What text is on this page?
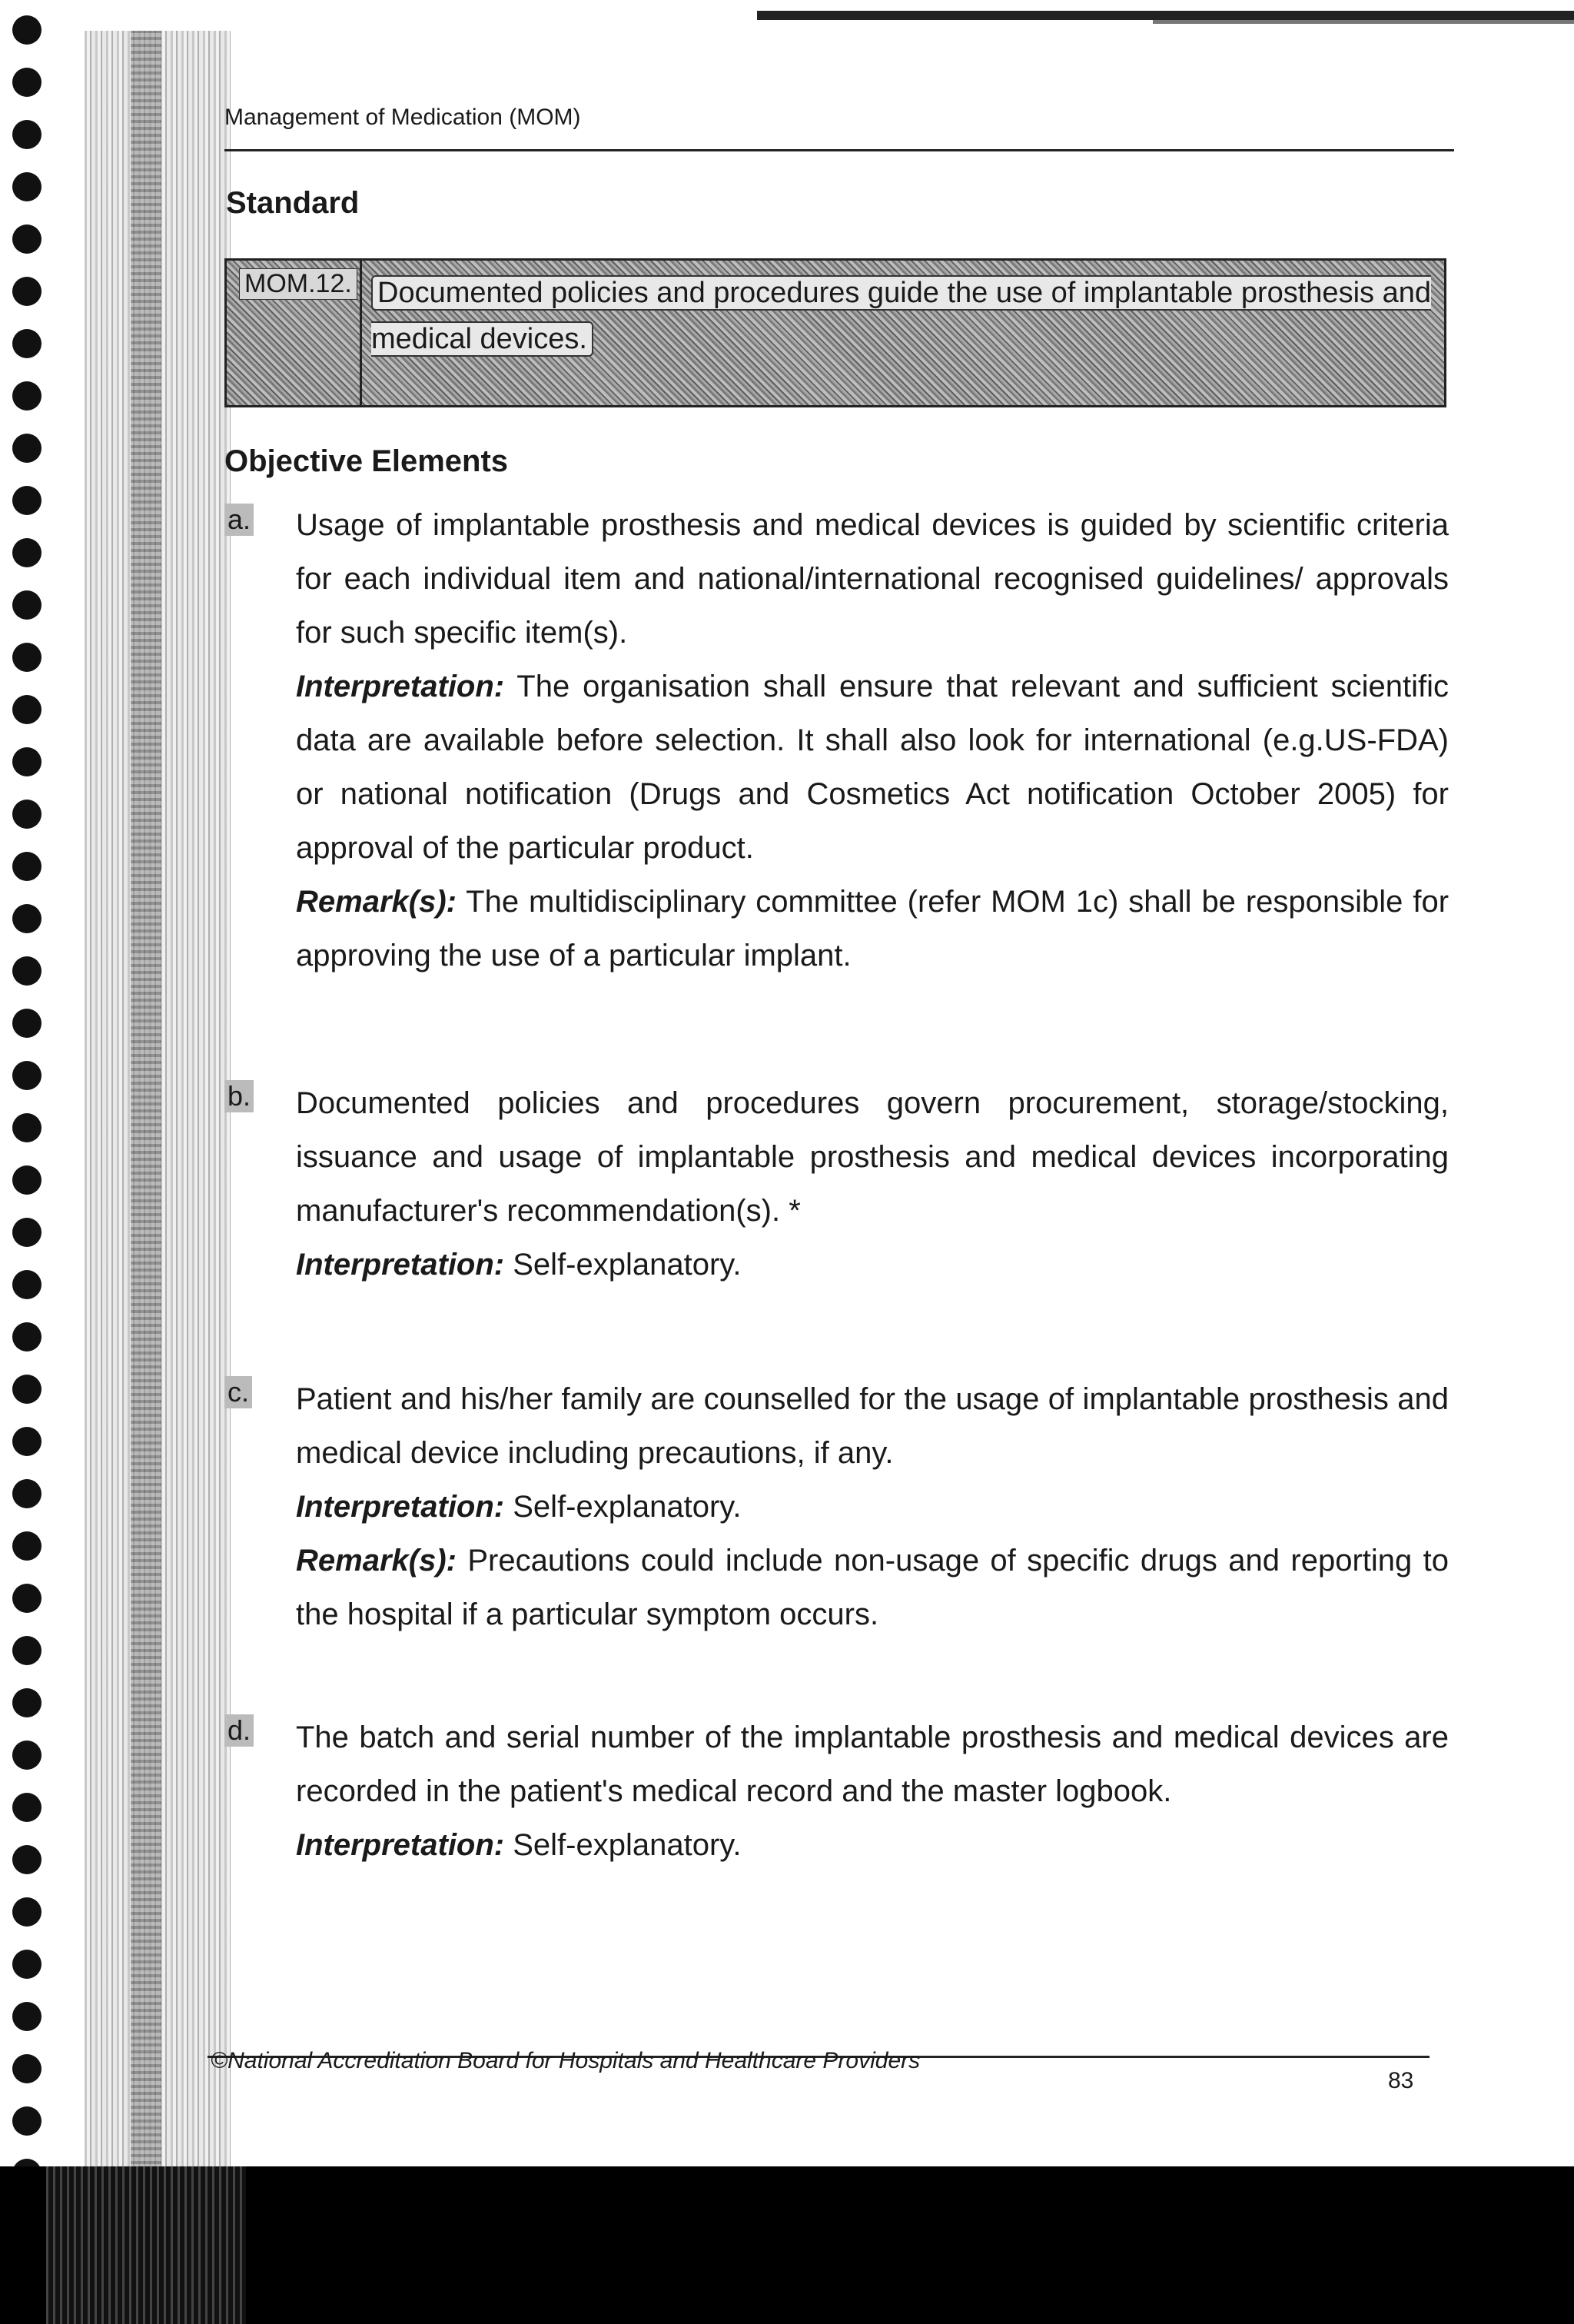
Management of Medication (MOM)
Standard
MOM.12. Documented policies and procedures guide the use of implantable prosthesis and medical devices.
Objective Elements
a. Usage of implantable prosthesis and medical devices is guided by scientific criteria for each individual item and national/international recognised guidelines/ approvals for such specific item(s).

Interpretation: The organisation shall ensure that relevant and sufficient scientific data are available before selection. It shall also look for international (e.g.US-FDA) or national notification (Drugs and Cosmetics Act notification October 2005) for approval of the particular product.

Remark(s): The multidisciplinary committee (refer MOM 1c) shall be responsible for approving the use of a particular implant.

b. Documented policies and procedures govern procurement, storage/stocking, issuance and usage of implantable prosthesis and medical devices incorporating manufacturer's recommendation(s). *

Interpretation: Self-explanatory.

c. Patient and his/her family are counselled for the usage of implantable prosthesis and medical device including precautions, if any.

Interpretation: Self-explanatory.

Remark(s): Precautions could include non-usage of specific drugs and reporting to the hospital if a particular symptom occurs.

d. The batch and serial number of the implantable prosthesis and medical devices are recorded in the patient's medical record and the master logbook.

Interpretation: Self-explanatory.

©National Accreditation Board for Hospitals and Healthcare Providers
83
